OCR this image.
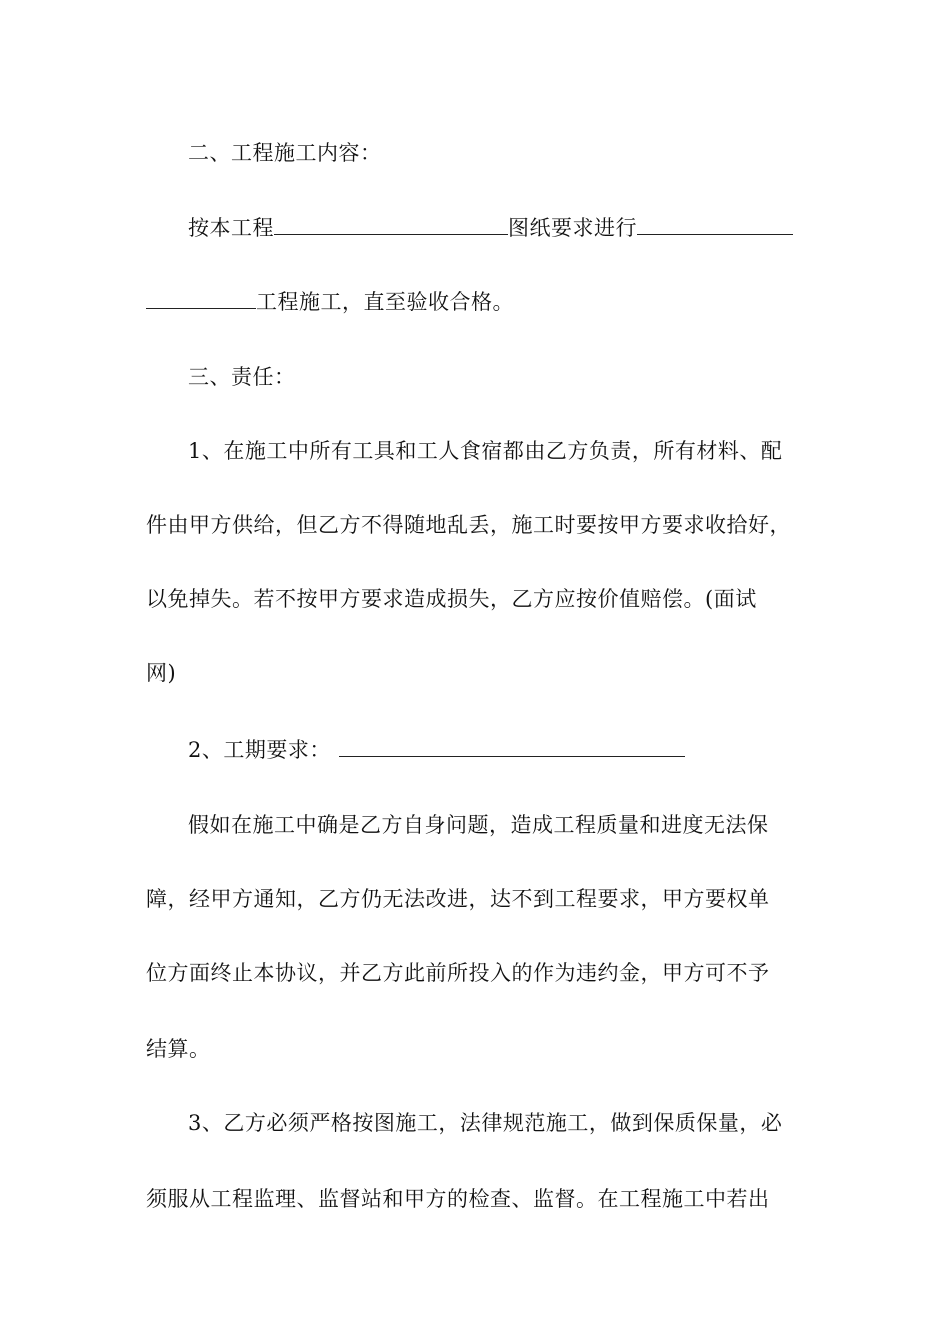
二、工程施工内容：
按本工程	图纸要求进行
工程施工，直至验收合格。
三、责任：
1、在施工中所有工具和工人食宿都由乙方负责，所有材料、配
件由甲方供给，但乙方不得随地乱丢，施工时要按甲方要求收拾好，
以免掉失。若不按甲方要求造成损失，乙方应按价值赔偿。(面试
网)
2、工期要求：
假如在施工中确是乙方自身问题，造成工程质量和进度无法保
障，经甲方通知，乙方仍无法改进，达不到工程要求，甲方要权单
位方面终止本协议，并乙方此前所投入的作为违约金，甲方可不予
结算。
3、乙方必须严格按图施工，法律规范施工，做到保质保量，必
须服从工程监理、监督站和甲方的检查、监督。在工程施工中若出
